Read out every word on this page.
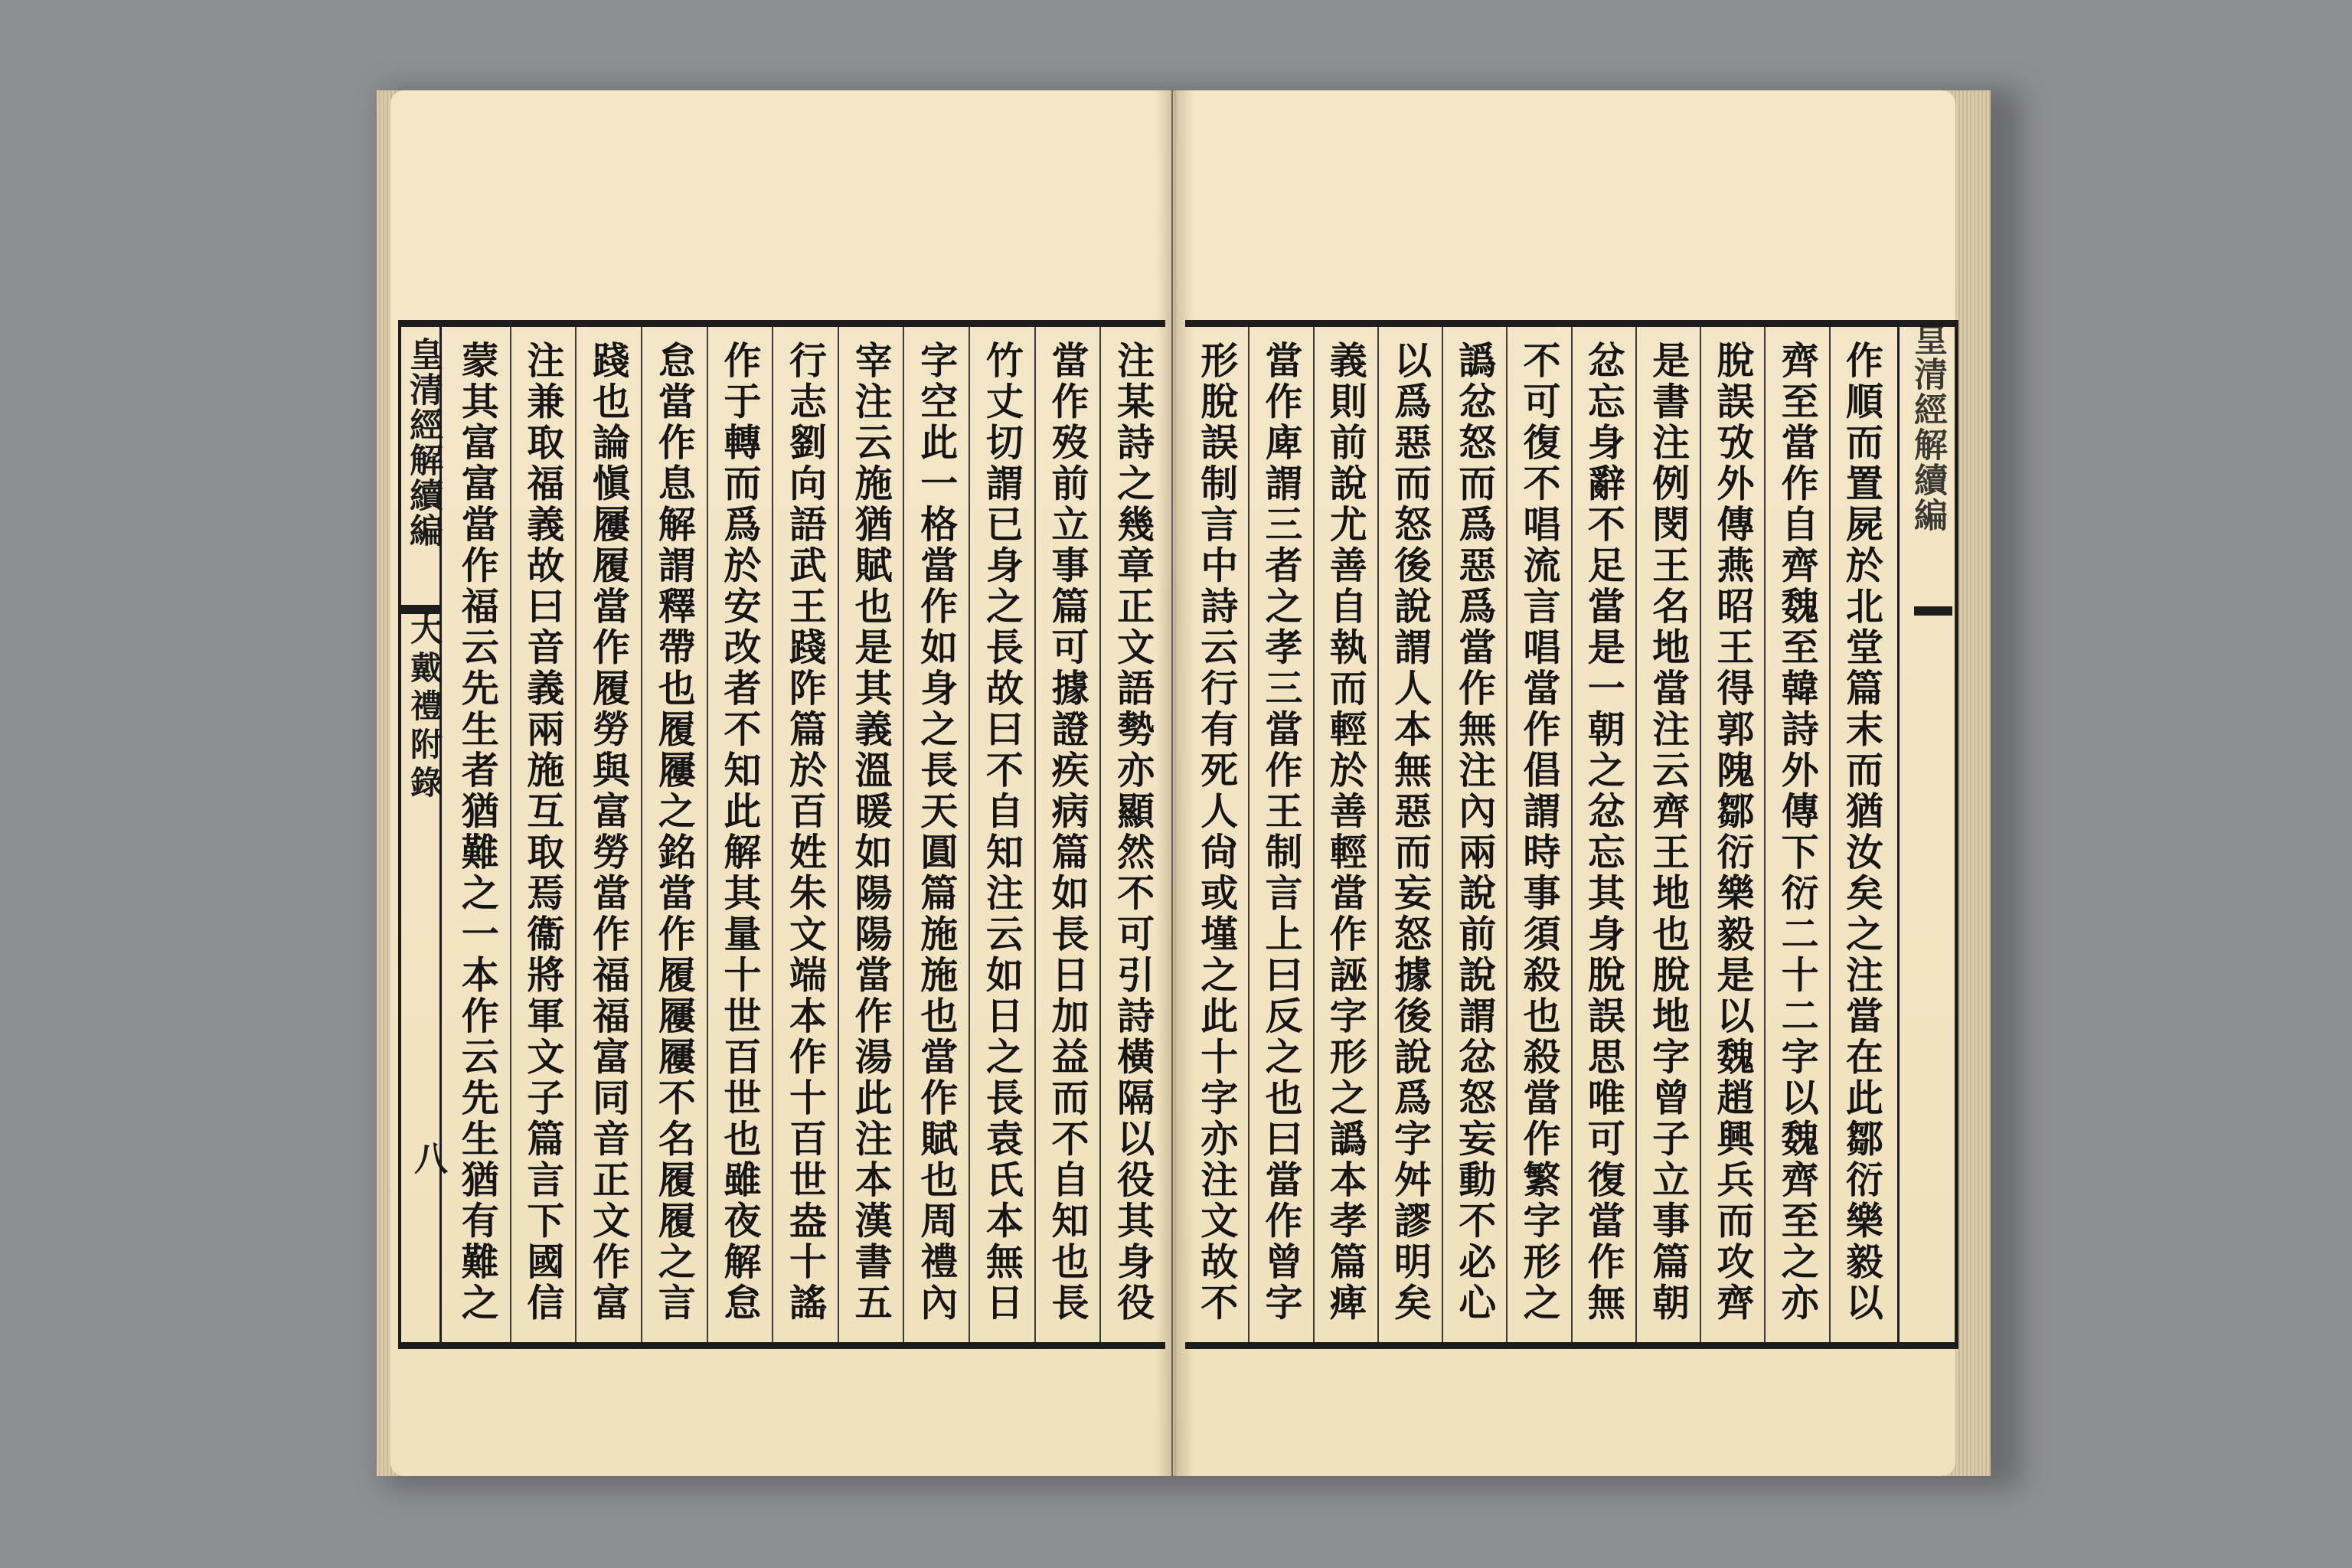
注某詩之幾章正文語勢亦顯然不可引詩橫隔以役其身役
當作歿前立事篇可據證疾病篇如長日加益而不自知也長
竹丈切謂已身之長故曰不自知注云如日之長袁氏本無日
字空此一格當作如身之長天圓篇施施也當作賦也周禮內
宰注云施猶賦也是其義溫暖如陽陽當作湯此注本漢書五
行志劉向語武王踐阼篇於百姓朱文端本作十百世盎十謠
作于轉而爲於安改者不知此解其量十世百世也雖夜解怠
怠當作息解謂釋帶也履屨之銘當作履屨屨不名履履之言
踐也論愼屨履當作履勞與富勞當作福福富同音正文作富
注兼取福義故曰音義兩施互取焉衞將軍文子篇言下國信
蒙其富富當作福云先生者猶難之一本作云先生猶有難之
皇清經解續編
大戴禮附錄
八	作順而置屍於北堂篇末而猶汝矣之注當在此鄒衍樂毅以
齊至當作自齊魏至韓詩外傳下衍二十二字以魏齊至之亦
脫誤攷外傳燕昭王得郭隗鄒衍樂毅是以魏趙興兵而攻齊
是書注例閔王名地當注云齊王地也脫地字曾子立事篇朝
忿忘身辭不足當是一朝之忿忘其身脫誤思唯可復當作無
不可復不唱流言唱當作倡謂時事須殺也殺當作繁字形之
譌忿怒而爲惡爲當作無注內兩說前說謂忿怒妄動不必心
以爲惡而怒後說謂人本無惡而妄怒據後說爲字舛謬明矣
義則前說尤善自執而輕於善輕當作誣字形之譌本孝篇痺
當作庳謂三者之孝三當作王制言上曰反之也曰當作曾字
形脫誤制言中詩云行有死人尙或墐之此十字亦注文故不	皇清經解續編
